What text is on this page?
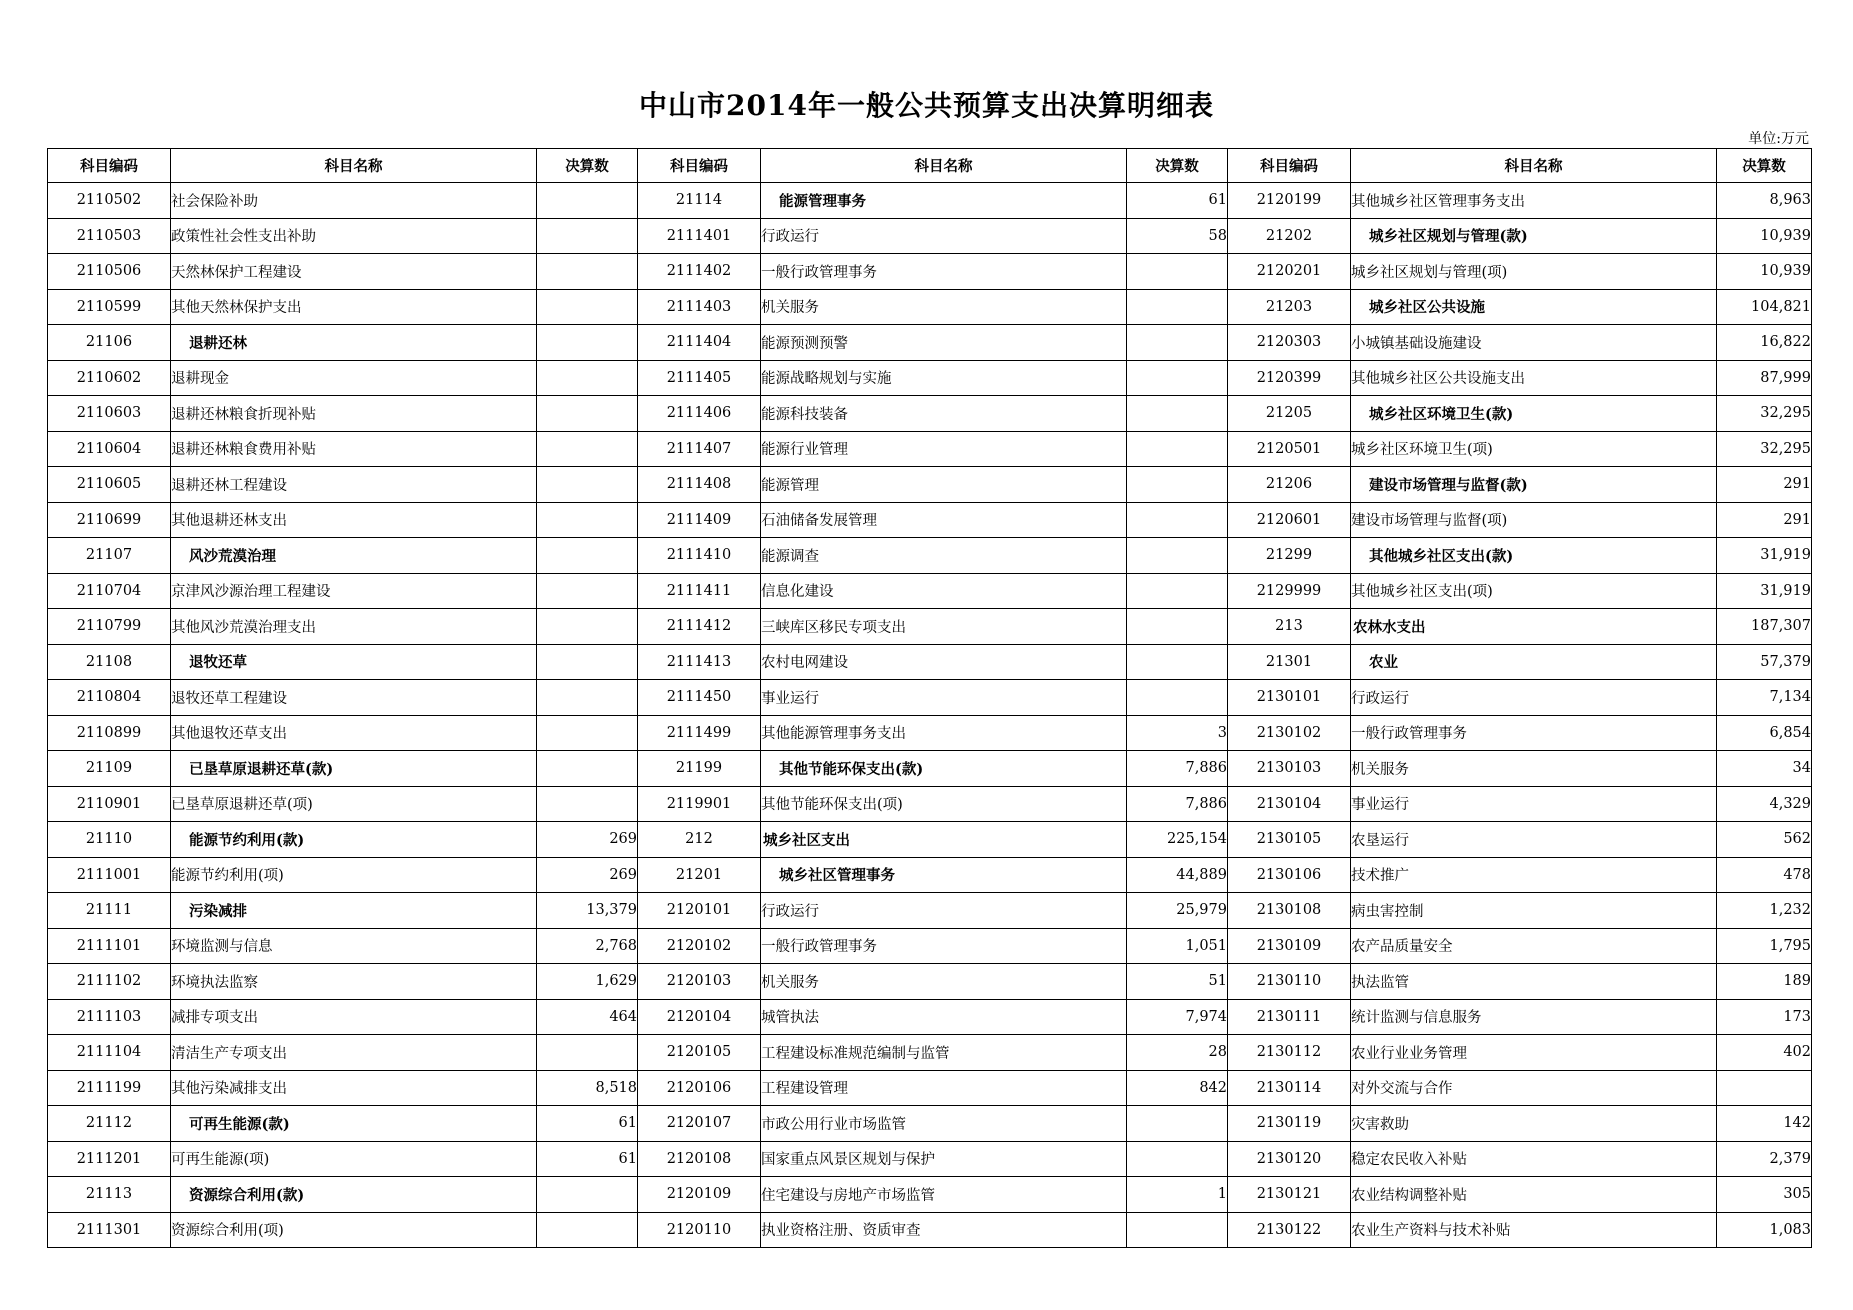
中山市2014年一般公共预算支出决算明细表
单位:万元
科目编码	科目名称	决算数	科目编码	科目名称	决算数	科目编码	科目名称	决算数
2110502	社会保险补助		21114	能源管理事务	61	2120199	其他城乡社区管理事务支出	8,963
2110503	政策性社会性支出补助		2111401	行政运行	58	21202	城乡社区规划与管理(款)	10,939
2110506	天然林保护工程建设		2111402	一般行政管理事务		2120201	城乡社区规划与管理(项)	10,939
2110599	其他天然林保护支出		2111403	机关服务		21203	城乡社区公共设施	104,821
21106	退耕还林		2111404	能源预测预警		2120303	小城镇基础设施建设	16,822
2110602	退耕现金		2111405	能源战略规划与实施		2120399	其他城乡社区公共设施支出	87,999
2110603	退耕还林粮食折现补贴		2111406	能源科技装备		21205	城乡社区环境卫生(款)	32,295
2110604	退耕还林粮食费用补贴		2111407	能源行业管理		2120501	城乡社区环境卫生(项)	32,295
2110605	退耕还林工程建设		2111408	能源管理		21206	建设市场管理与监督(款)	291
2110699	其他退耕还林支出		2111409	石油储备发展管理		2120601	建设市场管理与监督(项)	291
21107	风沙荒漠治理		2111410	能源调查		21299	其他城乡社区支出(款)	31,919
2110704	京津风沙源治理工程建设		2111411	信息化建设		2129999	其他城乡社区支出(项)	31,919
2110799	其他风沙荒漠治理支出		2111412	三峡库区移民专项支出		213	农林水支出	187,307
21108	退牧还草		2111413	农村电网建设		21301	农业	57,379
2110804	退牧还草工程建设		2111450	事业运行		2130101	行政运行	7,134
2110899	其他退牧还草支出		2111499	其他能源管理事务支出	3	2130102	一般行政管理事务	6,854
21109	已垦草原退耕还草(款)		21199	其他节能环保支出(款)	7,886	2130103	机关服务	34
2110901	已垦草原退耕还草(项)		2119901	其他节能环保支出(项)	7,886	2130104	事业运行	4,329
21110	能源节约利用(款)	269	212	城乡社区支出	225,154	2130105	农垦运行	562
2111001	能源节约利用(项)	269	21201	城乡社区管理事务	44,889	2130106	技术推广	478
21111	污染减排	13,379	2120101	行政运行	25,979	2130108	病虫害控制	1,232
2111101	环境监测与信息	2,768	2120102	一般行政管理事务	1,051	2130109	农产品质量安全	1,795
2111102	环境执法监察	1,629	2120103	机关服务	51	2130110	执法监管	189
2111103	减排专项支出	464	2120104	城管执法	7,974	2130111	统计监测与信息服务	173
2111104	清洁生产专项支出		2120105	工程建设标准规范编制与监管	28	2130112	农业行业业务管理	402
2111199	其他污染减排支出	8,518	2120106	工程建设管理	842	2130114	对外交流与合作	
21112	可再生能源(款)	61	2120107	市政公用行业市场监管		2130119	灾害救助	142
2111201	可再生能源(项)	61	2120108	国家重点风景区规划与保护		2130120	稳定农民收入补贴	2,379
21113	资源综合利用(款)		2120109	住宅建设与房地产市场监管	1	2130121	农业结构调整补贴	305
2111301	资源综合利用(项)		2120110	执业资格注册、资质审查		2130122	农业生产资料与技术补贴	1,083
